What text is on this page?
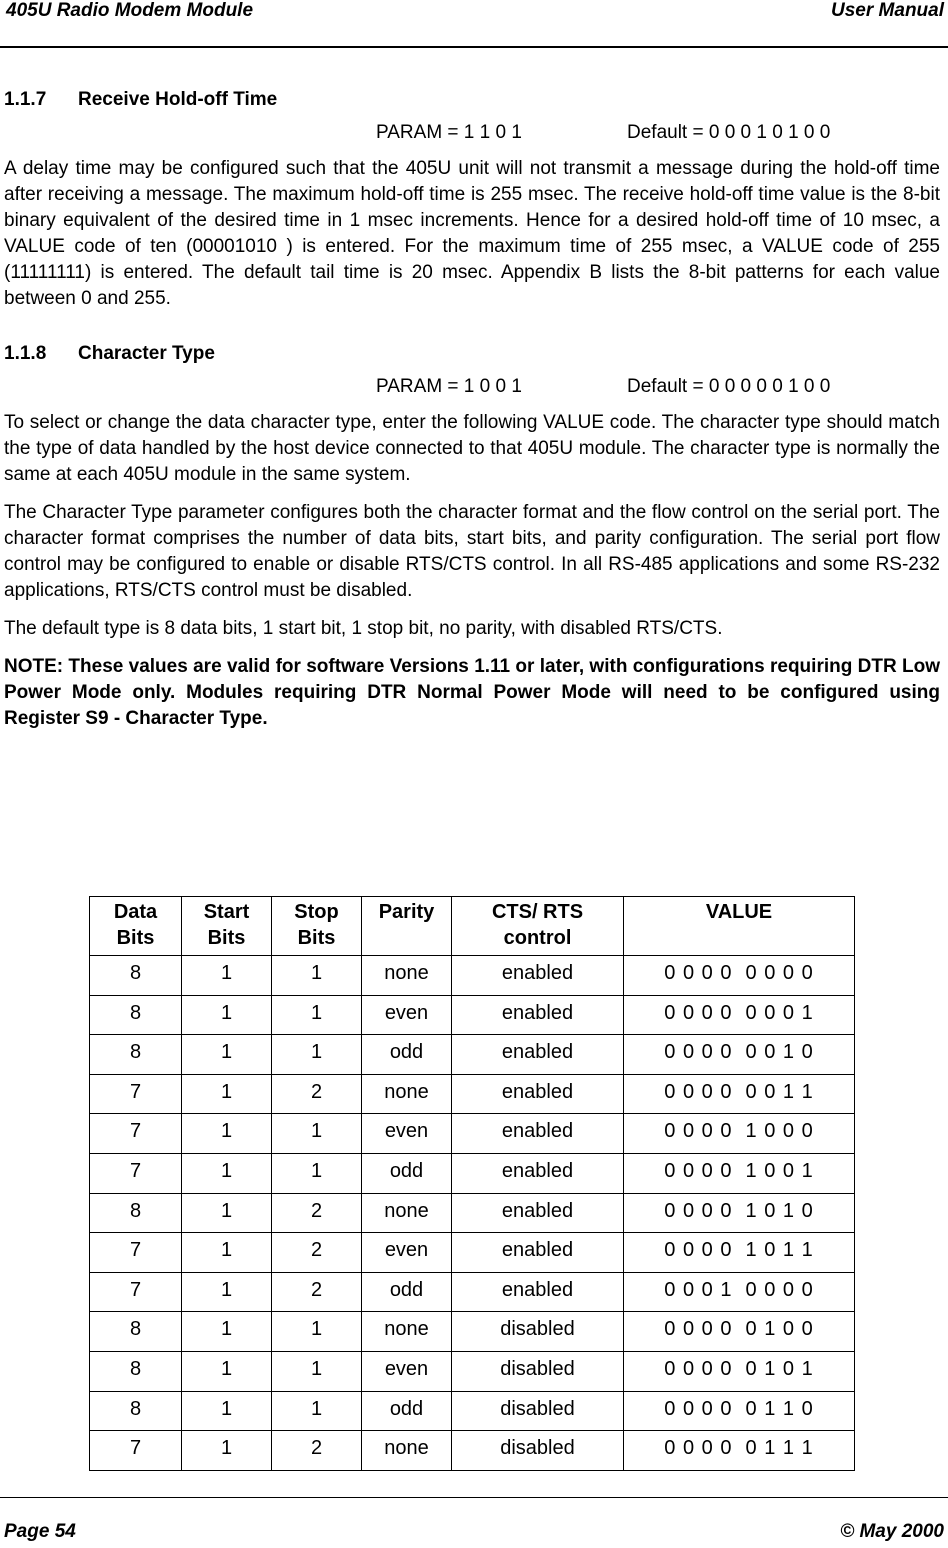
405U Radio Modem Module	User Manual
1.1.7 Receive Hold-off Time
PARAM = 1 1 0 1	Default = 0 0 0 1 0 1 0 0

A delay time may be configured such that the 405U unit will not transmit a message during the hold-off time after receiving a message. The maximum hold-off time is 255 msec. The receive hold-off time value is the 8-bit binary equivalent of the desired time in 1 msec increments. Hence for a desired hold-off time of 10 msec, a VALUE code of ten (00001010 ) is entered. For the maximum time of 255 msec, a VALUE code of 255 (11111111) is entered. The default tail time is 20 msec. Appendix B lists the 8-bit patterns for each value between 0 and 255.

1.1.8 Character Type
PARAM = 1 0 0 1	Default = 0 0 0 0 0 1 0 0

To select or change the data character type, enter the following VALUE code. The character type should match the type of data handled by the host device connected to that 405U module. The character type is normally the same at each 405U module in the same system.

The Character Type parameter configures both the character format and the flow control on the serial port. The character format comprises the number of data bits, start bits, and parity configuration. The serial port flow control may be configured to enable or disable RTS/CTS control. In all RS-485 applications and some RS-232 applications, RTS/CTS control must be disabled.

The default type is 8 data bits, 1 start bit, 1 stop bit, no parity, with disabled RTS/CTS.

NOTE: These values are valid for software Versions 1.11 or later, with configurations requiring DTR Low Power Mode only. Modules requiring DTR Normal Power Mode will need to be configured using Register S9 - Character Type.

Data
Bits	Start
Bits	Stop
Bits	Parity	CTS/ RTS
control	VALUE
8	1	1	none	enabled	0 0 0 0  0 0 0 0
8	1	1	even	enabled	0 0 0 0  0 0 0 1
8	1	1	odd	enabled	0 0 0 0  0 0 1 0
7	1	2	none	enabled	0 0 0 0  0 0 1 1
7	1	1	even	enabled	0 0 0 0  1 0 0 0
7	1	1	odd	enabled	0 0 0 0  1 0 0 1
8	1	2	none	enabled	0 0 0 0  1 0 1 0
7	1	2	even	enabled	0 0 0 0  1 0 1 1
7	1	2	odd	enabled	0 0 0 1  0 0 0 0
8	1	1	none	disabled	0 0 0 0  0 1 0 0
8	1	1	even	disabled	0 0 0 0  0 1 0 1
8	1	1	odd	disabled	0 0 0 0  0 1 1 0
7	1	2	none	disabled	0 0 0 0  0 1 1 1
Page 54	© May 2000
